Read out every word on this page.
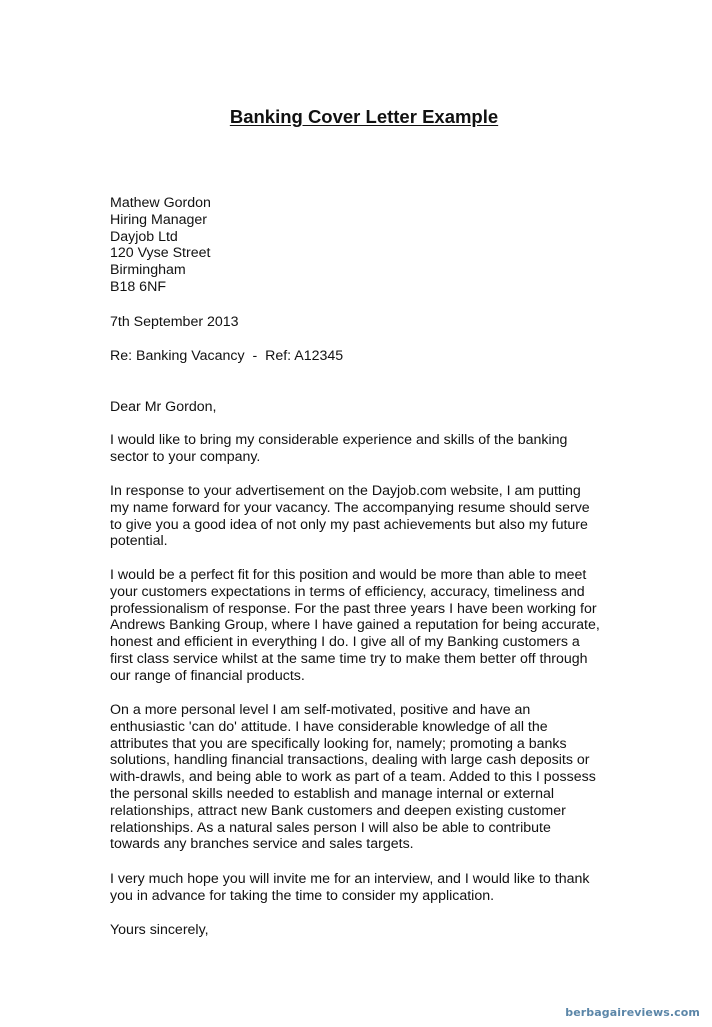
Banking Cover Letter Example
Mathew Gordon
Hiring Manager
Dayjob Ltd
120 Vyse Street
Birmingham
B18 6NF
7th September 2013
Re: Banking Vacancy  -  Ref: A12345
Dear Mr Gordon,
I would like to bring my considerable experience and skills of the banking
sector to your company.
In response to your advertisement on the Dayjob.com website, I am putting
my name forward for your vacancy. The accompanying resume should serve
to give you a good idea of not only my past achievements but also my future
potential.
I would be a perfect fit for this position and would be more than able to meet
your customers expectations in terms of efficiency, accuracy, timeliness and
professionalism of response. For the past three years I have been working for
Andrews Banking Group, where I have gained a reputation for being accurate,
honest and efficient in everything I do. I give all of my Banking customers a
first class service whilst at the same time try to make them better off through
our range of financial products.
On a more personal level I am self-motivated, positive and have an
enthusiastic 'can do' attitude. I have considerable knowledge of all the
attributes that you are specifically looking for, namely; promoting a banks
solutions, handling financial transactions, dealing with large cash deposits or
with-drawls, and being able to work as part of a team. Added to this I possess
the personal skills needed to establish and manage internal or external
relationships, attract new Bank customers and deepen existing customer
relationships. As a natural sales person I will also be able to contribute
towards any branches service and sales targets.
I very much hope you will invite me for an interview, and I would like to thank
you in advance for taking the time to consider my application.
Yours sincerely,
berbagaireviews.com
